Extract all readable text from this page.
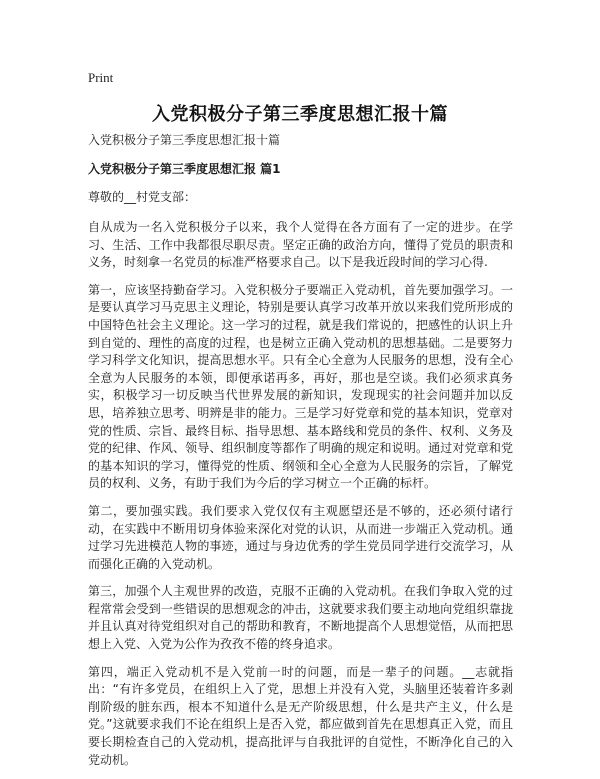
Print
入党积极分子第三季度思想汇报十篇
入党积极分子第三季度思想汇报十篇
入党积极分子第三季度思想汇报 篇1
尊敬的__村党支部：

自从成为一名入党积极分子以来，我个人觉得在各方面有了一定的进步。在学习、生活、工作中我都很尽职尽责。坚定正确的政治方向，懂得了党员的职责和义务，时刻拿一名党员的标准严格要求自己。以下是我近段时间的学习心得.

第一，应该坚持勤奋学习。入党积极分子要端正入党动机，首先要加强学习。一是要认真学习马克思主义理论，特别是要认真学习改革开放以来我们党所形成的中国特色社会主义理论。这一学习的过程，就是我们常说的，把感性的认识上升到自觉的、理性的高度的过程，也是树立正确入党动机的思想基础。二是要努力学习科学文化知识，提高思想水平。只有全心全意为人民服务的思想，没有全心全意为人民服务的本领，即便承诺再多，再好，那也是空谈。我们必须求真务实，积极学习一切反映当代世界发展的新知识，发现现实的社会问题并加以反思，培养独立思考、明辨是非的能力。三是学习好党章和党的基本知识，党章对党的性质、宗旨、最终目标、指导思想、基本路线和党员的条件、权利、义务及党的纪律、作风、领导、组织制度等都作了明确的规定和说明。通过对党章和党的基本知识的学习，懂得党的性质、纲领和全心全意为人民服务的宗旨，了解党员的权利、义务，有助于我们为今后的学习树立一个正确的标杆。

第二，要加强实践。我们要求入党仅仅有主观愿望还是不够的，还必须付诸行动，在实践中不断用切身体验来深化对党的认识，从而进一步端正入党动机。通过学习先进模范人物的事迹，通过与身边优秀的学生党员同学进行交流学习，从而强化正确的入党动机。

第三，加强个人主观世界的改造，克服不正确的入党动机。在我们争取入党的过程常常会受到一些错误的思想观念的冲击，这就要求我们要主动地向党组织靠拢并且认真对待党组织对自己的帮助和教育，不断地提高个人思想觉悟，从而把思想上入党、入党为公作为孜孜不倦的终身追求。

第四，端正入党动机不是入党前一时的问题，而是一辈子的问题。__志就指出：“有许多党员，在组织上入了党，思想上并没有入党，头脑里还装着许多剥削阶级的脏东西，根本不知道什么是无产阶级思想，什么是共产主义，什么是党。”这就要求我们不论在组织上是否入党，都应做到首先在思想真正入党，而且要长期检查自己的入党动机，提高批评与自我批评的自觉性，不断净化自己的入党动机。
